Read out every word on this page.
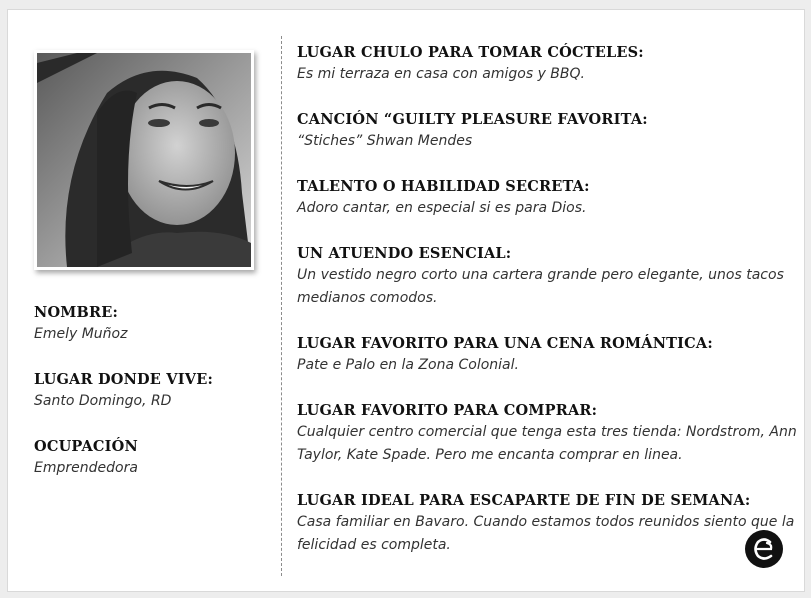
NOMBRE:
Emely Muñoz
LUGAR DONDE VIVE:
Santo Domingo, RD
OCUPACIÓN
Emprendedora
LUGAR CHULO PARA TOMAR CÓCTELES:
Es mi terraza en casa con amigos y BBQ.
CANCIÓN “GUILTY PLEASURE FAVORITA:
“Stiches” Shwan Mendes
TALENTO O HABILIDAD SECRETA:
Adoro cantar, en especial si es para Dios.
UN ATUENDO ESENCIAL:
Un vestido negro corto una cartera grande pero elegante, unos tacos medianos comodos.
LUGAR FAVORITO PARA UNA CENA ROMÁNTICA:
Pate e Palo en la Zona Colonial.
LUGAR FAVORITO PARA COMPRAR:
Cualquier centro comercial que tenga esta tres tienda: Nordstrom, Ann Taylor, Kate Spade. Pero me encanta comprar en linea.
LUGAR IDEAL PARA ESCAPARTE DE FIN DE SEMANA:
Casa familiar en Bavaro. Cuando estamos todos reunidos siento que la felicidad es completa.
